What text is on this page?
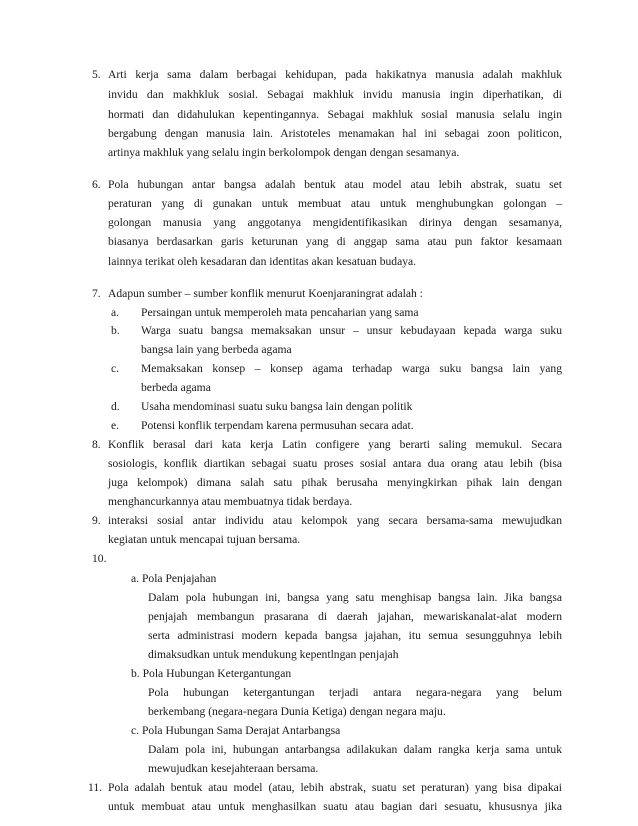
5. Arti kerja sama dalam berbagai kehidupan, pada hakikatnya manusia adalah makhluk
invidu dan makhkluk sosial. Sebagai makhluk invidu manusia ingin diperhatikan, di
hormati dan didahulukan kepentingannya. Sebagai makhluk sosial manusia selalu ingin
bergabung dengan manusia lain. Aristoteles menamakan hal ini sebagai zoon politicon,
artinya makhluk yang selalu ingin berkolompok dengan dengan sesamanya.
6. Pola hubungan antar bangsa adalah bentuk atau model atau lebih abstrak, suatu set
peraturan yang di gunakan untuk membuat atau untuk menghubungkan golongan –
golongan manusia yang anggotanya mengidentifikasikan dirinya dengan sesamanya,
biasanya berdasarkan garis keturunan yang di anggap sama atau pun faktor kesamaan
lainnya terikat oleh kesadaran dan identitas akan kesatuan budaya.
7. Adapun sumber – sumber konflik menurut Koenjaraningrat adalah :
a. Persaingan untuk memperoleh mata pencaharian yang sama
b. Warga suatu bangsa memaksakan unsur – unsur kebudayaan kepada warga suku
bangsa lain yang berbeda agama
c. Memaksakan konsep – konsep agama terhadap warga suku bangsa lain yang
berbeda agama
d. Usaha mendominasi suatu suku bangsa lain dengan politik
e. Potensi konflik terpendam karena permusuhan secara adat.
8. Konflik berasal dari kata kerja Latin configere yang berarti saling memukul. Secara
sosiologis, konflik diartikan sebagai suatu proses sosial antara dua orang atau lebih (bisa
juga kelompok) dimana salah satu pihak berusaha menyingkirkan pihak lain dengan
menghancurkannya atau membuatnya tidak berdaya.
9. interaksi sosial antar individu atau kelompok yang secara bersama-sama mewujudkan
kegiatan untuk mencapai tujuan bersama.
10.
a. Pola Penjajahan
Dalam pola hubungan ini, bangsa yang satu menghisap bangsa lain. Jika bangsa
penjajah membangun prasarana di daerah jajahan, mewariskanalat-alat modern
serta administrasi modern kepada bangsa jajahan, itu semua sesungguhnya lebih
dimaksudkan untuk mendukung kepentlngan penjajah
b. Pola Hubungan Ketergantungan
Pola hubungan ketergantungan terjadi antara negara-negara yang belum
berkembang (negara-negara Dunia Ketiga) dengan negara maju.
c. Pola Hubungan Sama Derajat Antarbangsa
Dalam pola ini, hubungan antarbangsa adilakukan dalam rangka kerja sama untuk
mewujudkan kesejahteraan bersama.
11. Pola adalah bentuk atau model (atau, lebih abstrak, suatu set peraturan) yang bisa dipakai
untuk membuat atau untuk menghasilkan suatu atau bagian dari sesuatu, khususnya jika
